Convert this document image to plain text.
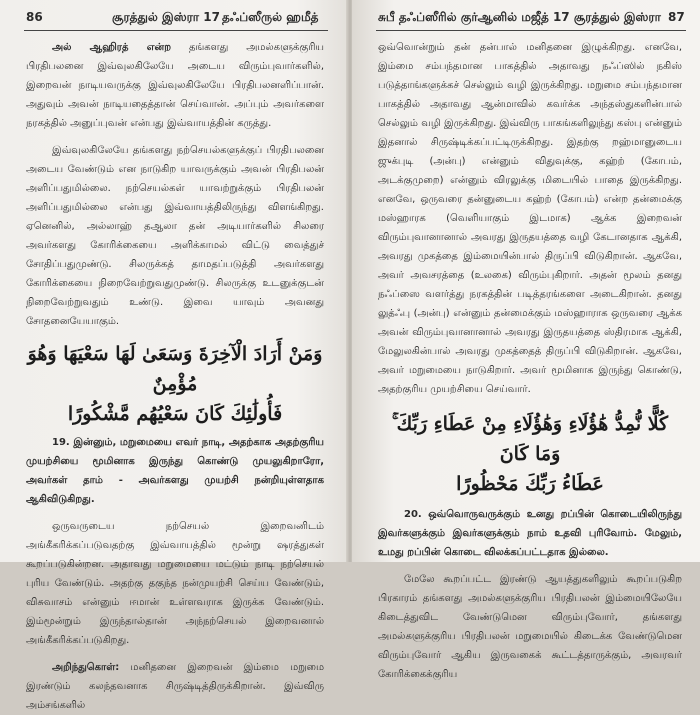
86	சூரத்துல் இஸ்ரா 17 தஃப்ஸீருல் ஹமீத்

அல் ஆஹிரத் என்ற தங்களது அமல்களுக்குரிய பிரதிபலனை இவ்வுலகிலேயே அடைய விரும்புவார்களில், இறைவன் நாடியவருக்கு இவ்வுலகிலேயே பிரதிபலனளிப்பான். அதுவும் அவன் நாடியதைத்தான் செய்வான். அப்பும் அவர்களை நரகத்தில் அனுப்புவன் என்பது இவ்வாயத்தின் கருத்து.

இவ்வுலகிலேயே தங்களது நற்செயல்களுக்குப் பிரதிபலனை அடைய வேண்டும் என நாடுகிற யாவருக்கும் அவன் பிரதிபலன் அளிப்பதுமில்லை. நற்செயல்கள் யாவற்றுக்கும் பிரதிபலன் அளிப்பதுமில்லை என்பது இவ்வாயத்திலிருந்து விளங்கிறது. ஏனெனில், அல்லாஹ் தஆலா தன் அடியார்களில் சிலரை அவர்களது கோரிக்கையை அளிக்காமல் விட்டு வைத்துச் சோதிப்பதுமுண்டு. சிலருக்கத் தாமதப்படுத்தி அவர்களது கோரிக்கையை நிறைவேற்றுவதுமுண்டு. சிலருக்கு உடனுக்குடன் நிறைவேற்றுவதும் உண்டு. இவை யாவும் அவனது சோதனையேயாகும்.

وَمَنْ أَرَادَ الْآخِرَةَ وَسَعَىٰ لَهَا سَعْيَهَا وَهُوَ مُؤْمِنٌ
فَأُولَٰئِكَ كَانَ سَعْيُهُم مَّشْكُورًا

19. இன்னும், மறுமையை எவர் நாடி, அதற்காக அதற்குரிய முயற்சியை மூமினாக இருந்து கொண்டு முயலுகிறாரோ, அவர்கள் தாம் - அவர்களது முயற்சி நன்றியுள்ளதாக ஆகிவிடுகிறது.

ஒருவருடைய நற்செயல் இறைவனிடம் அங்கீகரிக்கப்படுவதற்கு இவ்வாயத்தில் மூன்று ஷரத்துகள் கூறப்படுகின்றன. அதாவது மறுமையை மட்டும் நாடி நற்செயல் புரிய வேண்டும். அதற்கு தகுந்த நன்முயற்சி செய்ய வேண்டும், விசுவாசம் என்னும் ஈமான் உள்ளவராக இருக்க வேண்டும். இம்மூன்றும் இருந்தால்தான் அந்நற்செயல் இறைவனால் அங்கீகரிக்கப்படுகிறது.

அறிந்துகொள்: மனிதனை இறைவன் இம்மை மறுமை இரண்டும் கலந்தவனாக சிருஷ்டித்திருக்கிறான். இவ்விரு அம்சங்களில்

சுபீ தஃப்ஸீரில் குர்ஆனில் மஜீத் 17 சூரத்துல் இஸ்ரா 87

ஒவ்வொன்றும் தன் தன்பால் மனிதனை இழுக்கிறது. எனவே, இம்மை சம்பந்தமான பாகத்தில் அதாவது நஃப்ஸில் நகிஸ் படுத்தாங்களுக்கச் செல்லும் வழி இருக்கிறது. மறுமை சம்பந்தமான பாகத்தில் அதாவது ஆன்மாவில் கவர்க்க அந்தஸ்துகளின்பால் செல்லும் வழி இருக்கிறது. இவ்விரு பாகங்களிலுந்து கஸ்பு என்னும் இதனால் சிருஷ்டிக்கப்பட்டிருக்கிறது. இதற்கு றஹ்மானுடைய ஜுக்புடி (அன்பு) என்னும் விதுவுக்கு, கஹ்ற் (கோபம், அடக்குமுறை) என்னும் விரலுக்கு மிடையில் பாதை இருக்கிறது. எனவே, ஒருவரை தன்னுடைய கஹ்ற் (கோபம்) என்ற தன்மைக்கு மஸ்ஹாரக (வெளியாகும் இடமாக) ஆக்க இறைவன் விரும்புவானானால் அவரது இருதயத்தை வழி கேடானதாக ஆக்கி, அவரது முகத்தை இம்மையின்பால் திருப்பி விடுகிறான். ஆகவே, அவர் அவசரத்தை (உலகை) விரும்புகிறார். அதன் மூலம் தனது நஃப்ஸை வளர்த்து நரகத்தின் படித்தரங்களை அடைகிறான். தனது லுத்ஃபு (அன்பு) என்னும் தன்மைக்கும் மஸ்ஹாராக ஒருவரை ஆக்க அவன் விரும்புவானானால் அவரது இருதயத்தை ஸ்திரமாக ஆக்கி, மேலுலகின்பால் அவரது முகத்தைத் திருப்பி விடுகிறான். ஆகவே, அவர் மறுமையை நாடுகிறார். அவர் மூமினாக இருந்து கொண்டு, அதற்குரிய முயற்சியை செய்வார்.

كُلًّا نُّمِدُّ هَٰؤُلَاءِ وَهَٰؤُلَاءِ مِنْ عَطَاءِ رَبِّكَ ۚ وَمَا كَانَ
عَطَاءُ رَبِّكَ مَحْظُورًا

20. ஒவ்வொருவருக்கும் உனது றப்பின் கொடையிலிருந்து இவர்களுக்கும் இவர்களுக்கும் நாம் உதவி புரிவோம். மேலும், உமது றப்பின் கொடை விலக்கப்பட்டதாக இல்லை.

மேலே கூறப்பட்ட இரண்டு ஆயத்துகளிலும் கூறப்படுகிற பிரகாரம் தங்களது அமல்களுக்குரிய பிரதிபலன் இம்மையிலேயே கிடைத்துவிட வேண்டுமென விரும்புவோர், தங்களது அமல்களுக்குரிய பிரதிபலன் மறுமையில் கிடைக்க வேண்டுமென விரும்புவோர் ஆகிய இருவகைக் கூட்டத்தாருக்கும், அவரவர் கோரிக்கைக்குரிய
